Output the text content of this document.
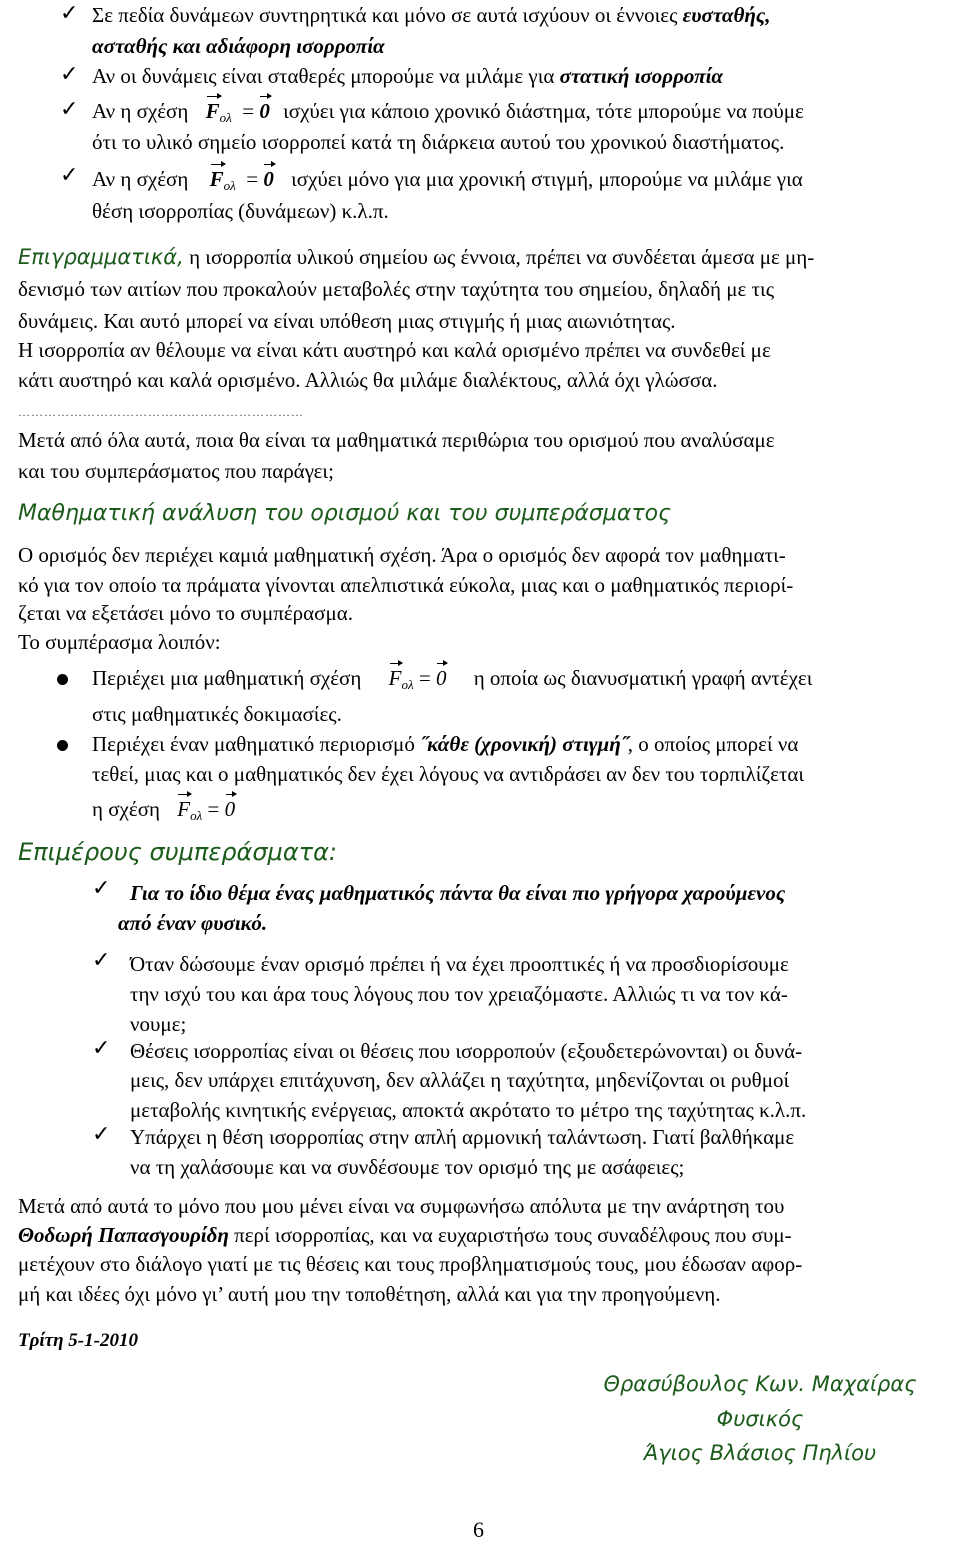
✓ Σε πεδία δυνάμεων συντηρητικά και μόνο σε αυτά ισχύουν οι έννοιες ευσταθής,
ασταθής και αδιάφορη ισορροπία
✓ Αν οι δυνάμεις είναι σταθερές μπορούμε να μιλάμε για στατική ισορροπία
✓ Αν η σχέση $F_{o\lambda} = 0$ ισχύει για κάποιο χρονικό διάστημα, τότε μπορούμε να πούμε
ότι το υλικό σημείο ισορροπεί κατά τη διάρκεια αυτού του χρονικού διαστήματος.
✓ Αν η σχέση $F_{o\lambda} = 0$ ισχύει μόνο για μια χρονική στιγμή, μπορούμε να μιλάμε για
θέση ισορροπίας (δυνάμεων) κ.λ.π.
Επιγραμματικά, η ισορροπία υλικού σημείου ως έννοια, πρέπει να συνδέεται άμεσα με μη-
δενισμό των αιτίων που προκαλούν μεταβολές στην ταχύτητα του σημείου, δηλαδή με τις
δυνάμεις. Και αυτό μπορεί να είναι υπόθεση μιας στιγμής ή μιας αιωνιότητας.
Η ισορροπία αν θέλουμε να είναι κάτι αυστηρό και καλά ορισμένο πρέπει να συνδεθεί με
κάτι αυστηρό και καλά ορισμένο. Αλλιώς θα μιλάμε διαλέκτους, αλλά όχι γλώσσα.
…………………………………………………………
Μετά από όλα αυτά, ποια θα είναι τα μαθηματικά περιθώρια του ορισμού που αναλύσαμε
και του συμπεράσματος που παράγει;
Μαθηματική ανάλυση του ορισμού και του συμπεράσματος
Ο ορισμός δεν περιέχει καμιά μαθηματική σχέση. Άρα ο ορισμός δεν αφορά τον μαθηματι-
κό για τον οποίο τα πράματα γίνονται απελπιστικά εύκολα, μιας και ο μαθηματικός περιορί-
ζεται να εξετάσει μόνο το συμπέρασμα.
Το συμπέρασμα λοιπόν:
Περιέχει μια μαθηματική σχέση $F_{o\lambda} = 0$ η οποία ως διανυσματική γραφή αντέχει
στις μαθηματικές δοκιμασίες.
Περιέχει έναν μαθηματικό περιορισμό ˝κάθε (χρονική) στιγμή˝, ο οποίος μπορεί να
τεθεί, μιας και ο μαθηματικός δεν έχει λόγους να αντιδράσει αν δεν του τορπιλίζεται
η σχέση $F_{o\lambda} = 0$
Επιμέρους συμπεράσματα:
✓ Για το ίδιο θέμα ένας μαθηματικός πάντα θα είναι πιο γρήγορα χαρούμενος
από έναν φυσικό.
✓ Όταν δώσουμε έναν ορισμό πρέπει ή να έχει προοπτικές ή να προσδιορίσουμε
την ισχύ του και άρα τους λόγους που τον χρειαζόμαστε. Αλλιώς τι να τον κά-
νουμε;
✓ Θέσεις ισορροπίας είναι οι θέσεις που ισορροπούν (εξουδετερώνονται) οι δυνά-
μεις, δεν υπάρχει επιτάχυνση, δεν αλλάζει η ταχύτητα, μηδενίζονται οι ρυθμοί
μεταβολής κινητικής ενέργειας, αποκτά ακρότατο το μέτρο της ταχύτητας κ.λ.π.
✓ Υπάρχει η θέση ισορροπίας στην απλή αρμονική ταλάντωση. Γιατί βαλθήκαμε
να τη χαλάσουμε και να συνδέσουμε τον ορισμό της με ασάφειες;
Μετά από αυτά το μόνο που μου μένει είναι να συμφωνήσω απόλυτα με την ανάρτηση του
Θοδωρή Παπασγουρίδη περί ισορροπίας, και να ευχαριστήσω τους συναδέλφους που συμ-
μετέχουν στο διάλογο γιατί με τις θέσεις και τους προβληματισμούς τους, μου έδωσαν αφορ-
μή και ιδέες όχι μόνο γι’ αυτή μου την τοποθέτηση, αλλά και για την προηγούμενη.
Τρίτη 5-1-2010
Θρασύβουλος Κων. Μαχαίρας
Φυσικός
Άγιος Βλάσιος Πηλίου
6
